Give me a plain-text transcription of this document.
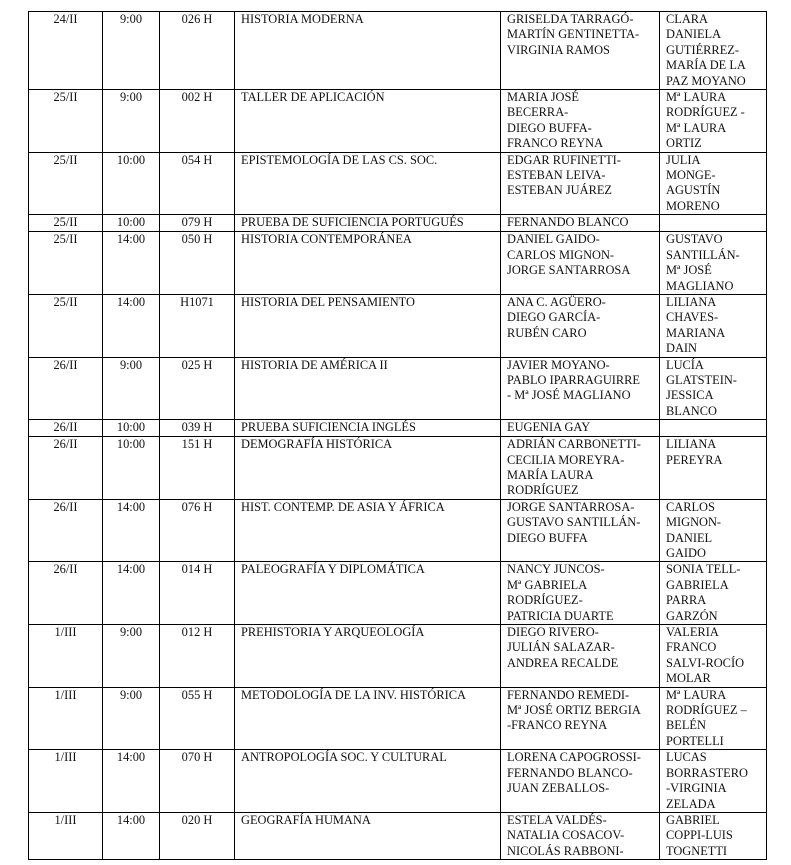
24/II	9:00	026 H	HISTORIA MODERNA	GRISELDA TARRAGÓ-
MARTÍN GENTINETTA-
VIRGINIA RAMOS	CLARA
DANIELA
GUTIÉRREZ-
MARÍA DE LA
PAZ MOYANO

25/II	9:00	002 H	TALLER DE APLICACIÓN	MARIA JOSÉ
BECERRA-
DIEGO BUFFA-
FRANCO REYNA	Mª LAURA
RODRÍGUEZ -
Mª LAURA
ORTIZ

25/II	10:00	054 H	EPISTEMOLOGÍA DE LAS CS. SOC.	EDGAR RUFINETTI-
ESTEBAN LEIVA-
ESTEBAN JUÁREZ	JULIA
MONGE-
AGUSTÍN
MORENO

25/II	10:00	079 H	PRUEBA DE SUFICIENCIA PORTUGUÉS	FERNANDO BLANCO	

25/II	14:00	050 H	HISTORIA CONTEMPORÁNEA	DANIEL GAIDO-
CARLOS MIGNON-
JORGE SANTARROSA	GUSTAVO
SANTILLÁN-
Mª JOSÉ
MAGLIANO

25/II	14:00	H1071	HISTORIA DEL PENSAMIENTO	ANA C. AGÜERO-
DIEGO GARCÍA-
RUBÉN CARO	LILIANA
CHAVES-
MARIANA
DAIN

26/II	9:00	025 H	HISTORIA DE AMÉRICA II	JAVIER MOYANO-
PABLO IPARRAGUIRRE
- Mª JOSÉ MAGLIANO	LUCÍA
GLATSTEIN-
JESSICA
BLANCO

26/II	10:00	039 H	PRUEBA SUFICIENCIA INGLÉS	EUGENIA GAY	

26/II	10:00	151 H	DEMOGRAFÍA HISTÓRICA	ADRIÁN CARBONETTI-
CECILIA MOREYRA-
MARÍA LAURA
RODRÍGUEZ	LILIANA
PEREYRA

26/II	14:00	076 H	HIST. CONTEMP. DE ASIA Y ÁFRICA	JORGE SANTARROSA-
GUSTAVO SANTILLÁN-
DIEGO BUFFA	CARLOS
MIGNON-
DANIEL
GAIDO

26/II	14:00	014 H	PALEOGRAFÍA Y DIPLOMÁTICA	NANCY JUNCOS-
Mª GABRIELA
RODRÍGUEZ-
PATRICIA DUARTE	SONIA TELL-
GABRIELA
PARRA
GARZÓN

1/III	9:00	012 H	PREHISTORIA Y ARQUEOLOGÍA	DIEGO RIVERO-
JULIÁN SALAZAR-
ANDREA RECALDE	VALERIA
FRANCO
SALVI-ROCÍO
MOLAR

1/III	9:00	055 H	METODOLOGÍA DE LA INV. HISTÓRICA	FERNANDO REMEDI-
Mª JOSÉ ORTIZ BERGIA
-FRANCO REYNA	Mª LAURA
RODRÍGUEZ –
BELÉN
PORTELLI

1/III	14:00	070 H	ANTROPOLOGÍA SOC. Y CULTURAL	LORENA CAPOGROSSI-
FERNANDO BLANCO-
JUAN ZEBALLOS-	LUCAS
BORRASTERO
-VIRGINIA
ZELADA

1/III	14:00	020 H	GEOGRAFÍA HUMANA	ESTELA VALDÉS-
NATALIA COSACOV-
NICOLÁS RABBONI-	GABRIEL
COPPI-LUIS
TOGNETTI
